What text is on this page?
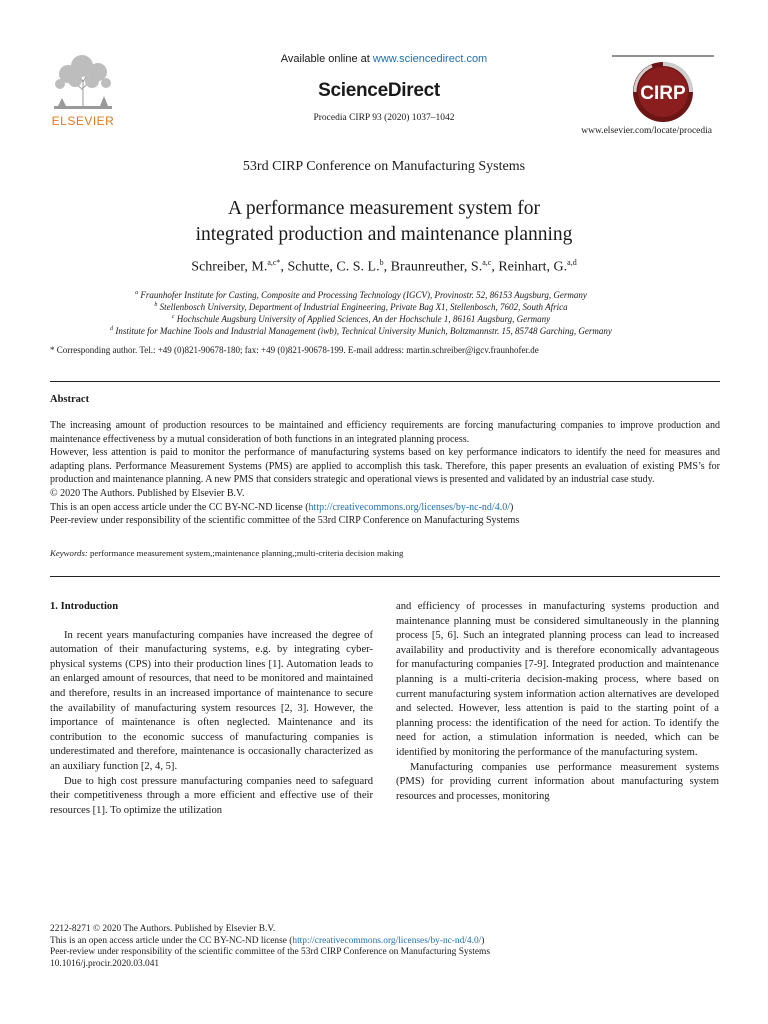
ELSEVIER
Available online at www.sciencedirect.com
ScienceDirect
Procedia CIRP 93 (2020) 1037–1042
CIRP
www.elsevier.com/locate/procedia
53rd CIRP Conference on Manufacturing Systems
A performance measurement system for
integrated production and maintenance planning
Schreiber, M.$^{a,c*}$, Schutte, C. S. L.$^b$, Braunreuther, S.$^{a,c}$, Reinhart, G.$^{a,d}$
$^a$ Fraunhofer Institute for Casting, Composite and Processing Technology (IGCV), Provinostr. 52, 86153 Augsburg, Germany
$^b$ Stellenbosch University, Department of Industrial Engineering, Private Bag X1, Stellenbosch, 7602, South Africa
$^c$ Hochschule Augsburg University of Applied Sciences, An der Hochschule 1, 86161 Augsburg, Germany
$^d$ Institute for Machine Tools and Industrial Management (iwb), Technical University Munich, Boltzmannstr. 15, 85748 Garching, Germany
* Corresponding author. Tel.: +49 (0)821-90678-180; fax: +49 (0)821-90678-199. E-mail address: martin.schreiber@igcv.fraunhofer.de
Abstract

The increasing amount of production resources to be maintained and efficiency requirements are forcing manufacturing companies to improve production and maintenance effectiveness by a mutual consideration of both functions in an integrated planning process.

However, less attention is paid to monitor the performance of manufacturing systems based on key performance indicators to identify the need for measures and adapting plans. Performance Measurement Systems (PMS) are applied to accomplish this task. Therefore, this paper presents an evaluation of existing PMS’s for production and maintenance planning. A new PMS that considers strategic and operational views is presented and validated by an industrial case study.

© 2020 The Authors. Published by Elsevier B.V.

This is an open access article under the CC BY-NC-ND license (http://creativecommons.org/licenses/by-nc-nd/4.0/)

Peer-review under responsibility of the scientific committee of the 53rd CIRP Conference on Manufacturing Systems

Keywords: performance measurement system,;maintenance planning,;multi-criteria decision making

1. Introduction

In recent years manufacturing companies have increased the degree of automation of their manufacturing systems, e.g. by integrating cyber-physical systems (CPS) into their production lines [1]. Automation leads to an enlarged amount of resources, that need to be monitored and maintained and therefore, results in an increased importance of maintenance to secure the availability of manufacturing system resources [2, 3]. However, the importance of maintenance is often neglected. Maintenance and its contribution to the economic success of manufacturing companies is underestimated and therefore, maintenance is occasionally characterized as an auxiliary function [2, 4, 5].

Due to high cost pressure manufacturing companies need to safeguard their competitiveness through a more efficient and effective use of their resources [1]. To optimize the utilization

and efficiency of processes in manufacturing systems production and maintenance planning must be considered simultaneously in the planning process [5, 6]. Such an integrated planning process can lead to increased availability and productivity and is therefore economically advantageous for manufacturing companies [7-9]. Integrated production and maintenance planning is a multi-criteria decision-making process, where based on current manufacturing system information action alternatives are developed and selected. However, less attention is paid to the starting point of a planning process: the identification of the need for action. To identify the need for action, a stimulation information is needed, which can be identified by monitoring the performance of the manufacturing system.

Manufacturing companies use performance measurement systems (PMS) for providing current information about manufacturing system resources and processes, monitoring

2212-8271 © 2020 The Authors. Published by Elsevier B.V.
This is an open access article under the CC BY-NC-ND license (http://creativecommons.org/licenses/by-nc-nd/4.0/)
Peer-review under responsibility of the scientific committee of the 53rd CIRP Conference on Manufacturing Systems
10.1016/j.procir.2020.03.041
